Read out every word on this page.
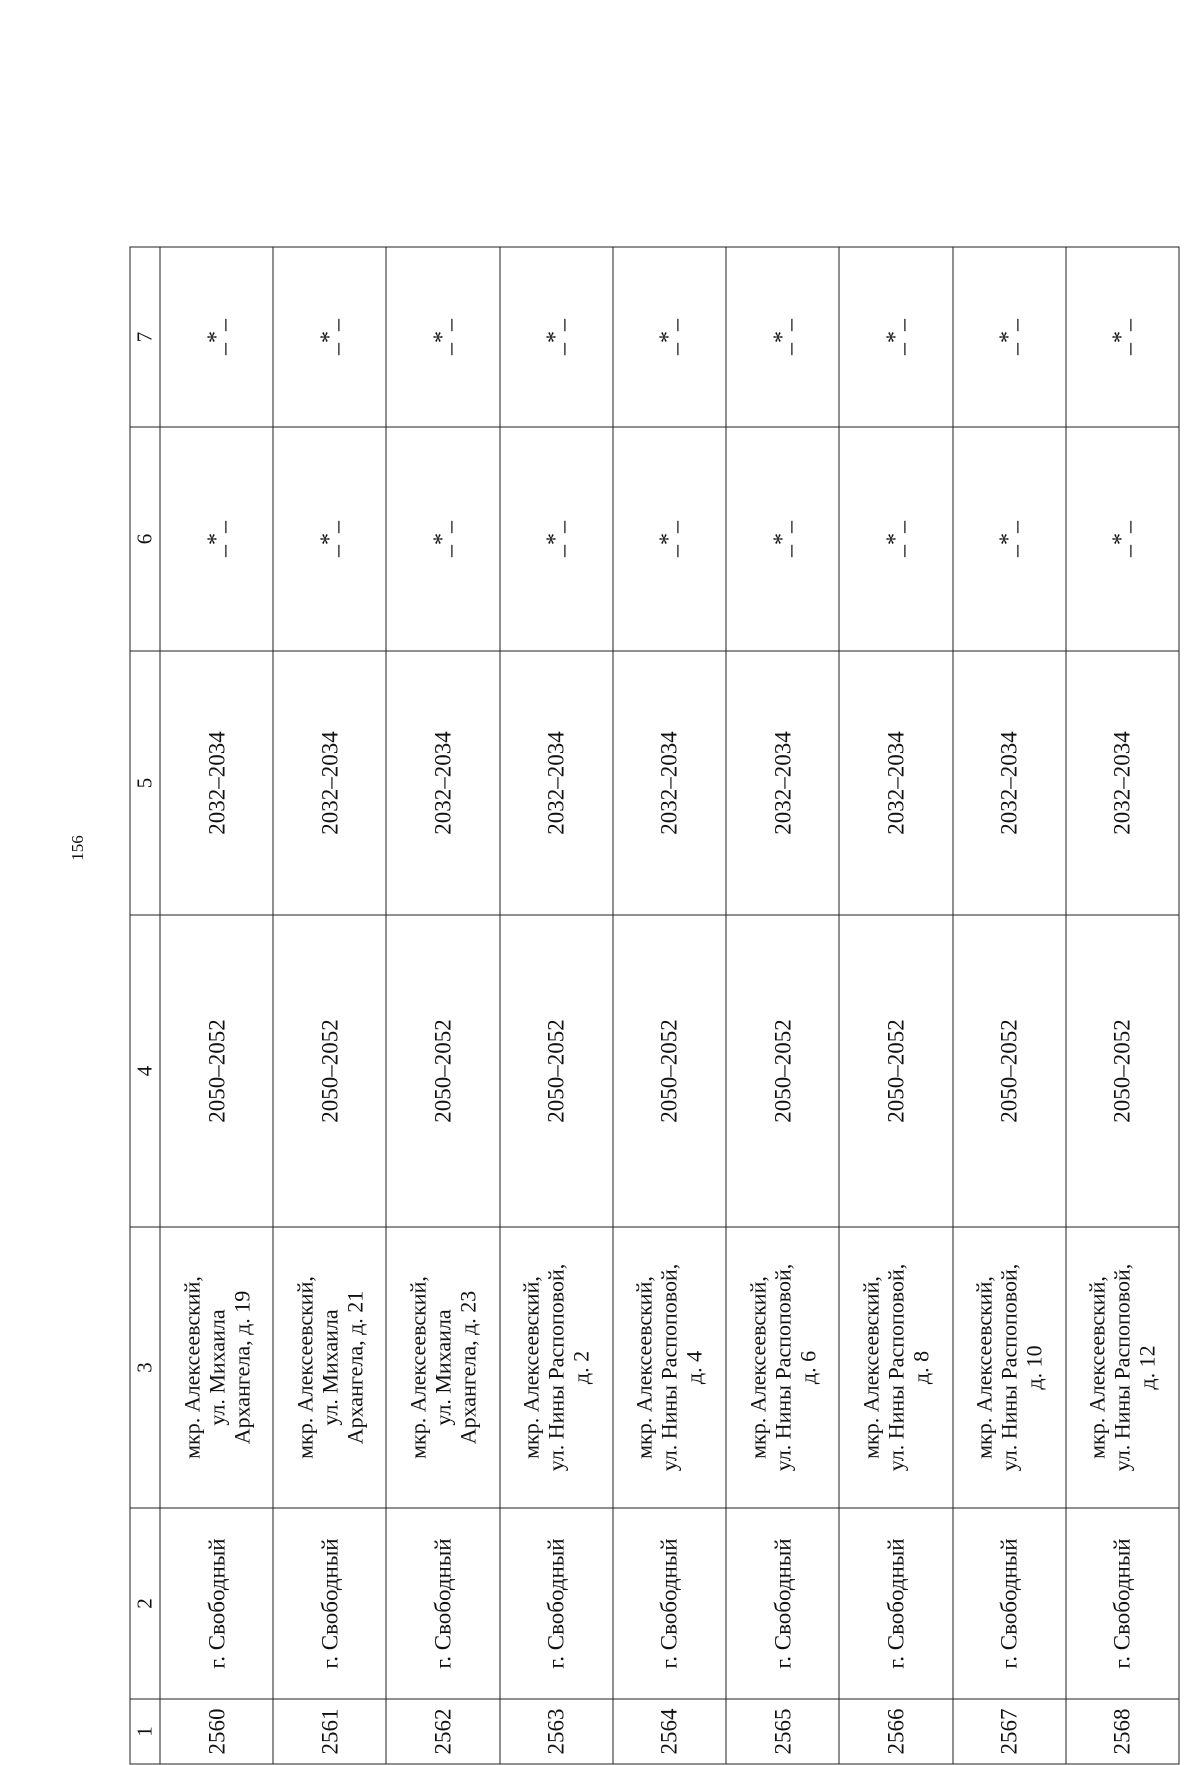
156
1	2	3	4	5	6	7
2560	г. Свободный	мкр. Алексеевский, ул. Михаила Архангела, д. 19	2050–2052	2032–2034	_*_	_*_
2561	г. Свободный	мкр. Алексеевский, ул. Михаила Архангела, д. 21	2050–2052	2032–2034	_*_	_*_
2562	г. Свободный	мкр. Алексеевский, ул. Михаила Архангела, д. 23	2050–2052	2032–2034	_*_	_*_
2563	г. Свободный	мкр. Алексеевский, ул. Нины Распоповой, д. 2	2050–2052	2032–2034	_*_	_*_
2564	г. Свободный	мкр. Алексеевский, ул. Нины Распоповой, д. 4	2050–2052	2032–2034	_*_	_*_
2565	г. Свободный	мкр. Алексеевский, ул. Нины Распоповой, д. 6	2050–2052	2032–2034	_*_	_*_
2566	г. Свободный	мкр. Алексеевский, ул. Нины Распоповой, д. 8	2050–2052	2032–2034	_*_	_*_
2567	г. Свободный	мкр. Алексеевский, ул. Нины Распоповой, д. 10	2050–2052	2032–2034	_*_	_*_
2568	г. Свободный	мкр. Алексеевский, ул. Нины Распоповой, д. 12	2050–2052	2032–2034	_*_	_*_
